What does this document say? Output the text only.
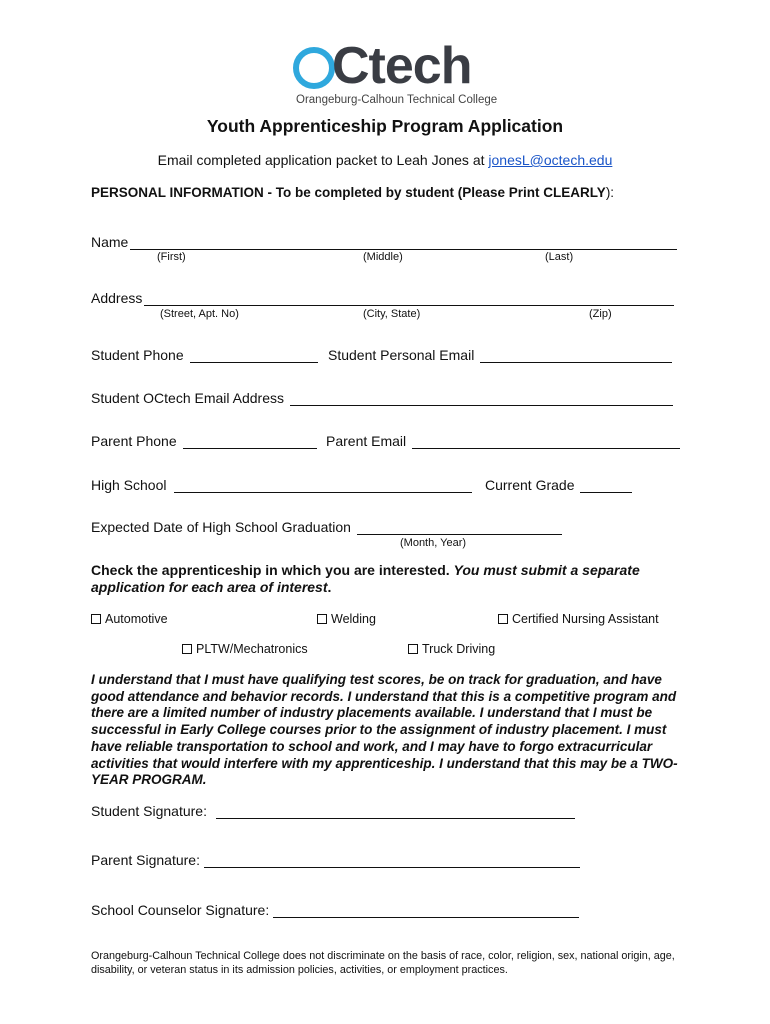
Ctech
Orangeburg-Calhoun Technical College
Youth Apprenticeship Program Application
Email completed application packet to Leah Jones at jonesL@octech.edu
PERSONAL INFORMATION - To be completed by student (Please Print CLEARLY):
Name
(First)	(Middle)	(Last)
Address
(Street, Apt. No)	(City, State)	(Zip)
Student Phone	Student Personal Email
Student OCtech Email Address
Parent Phone	Parent Email
High School	Current Grade
Expected Date of High School Graduation
(Month, Year)
Check the apprenticeship in which you are interested. You must submit a separate application for each area of interest.
Automotive	Welding	Certified Nursing Assistant
PLTW/Mechatronics	Truck Driving
I understand that I must have qualifying test scores, be on track for graduation, and have good attendance and behavior records. I understand that this is a competitive program and there are a limited number of industry placements available. I understand that I must be successful in Early College courses prior to the assignment of industry placement. I must have reliable transportation to school and work, and I may have to forgo extracurricular activities that would interfere with my apprenticeship. I understand that this may be a TWO-YEAR PROGRAM.
Student Signature:
Parent Signature:
School Counselor Signature:
Orangeburg-Calhoun Technical College does not discriminate on the basis of race, color, religion, sex, national origin, age, disability, or veteran status in its admission policies, activities, or employment practices.
